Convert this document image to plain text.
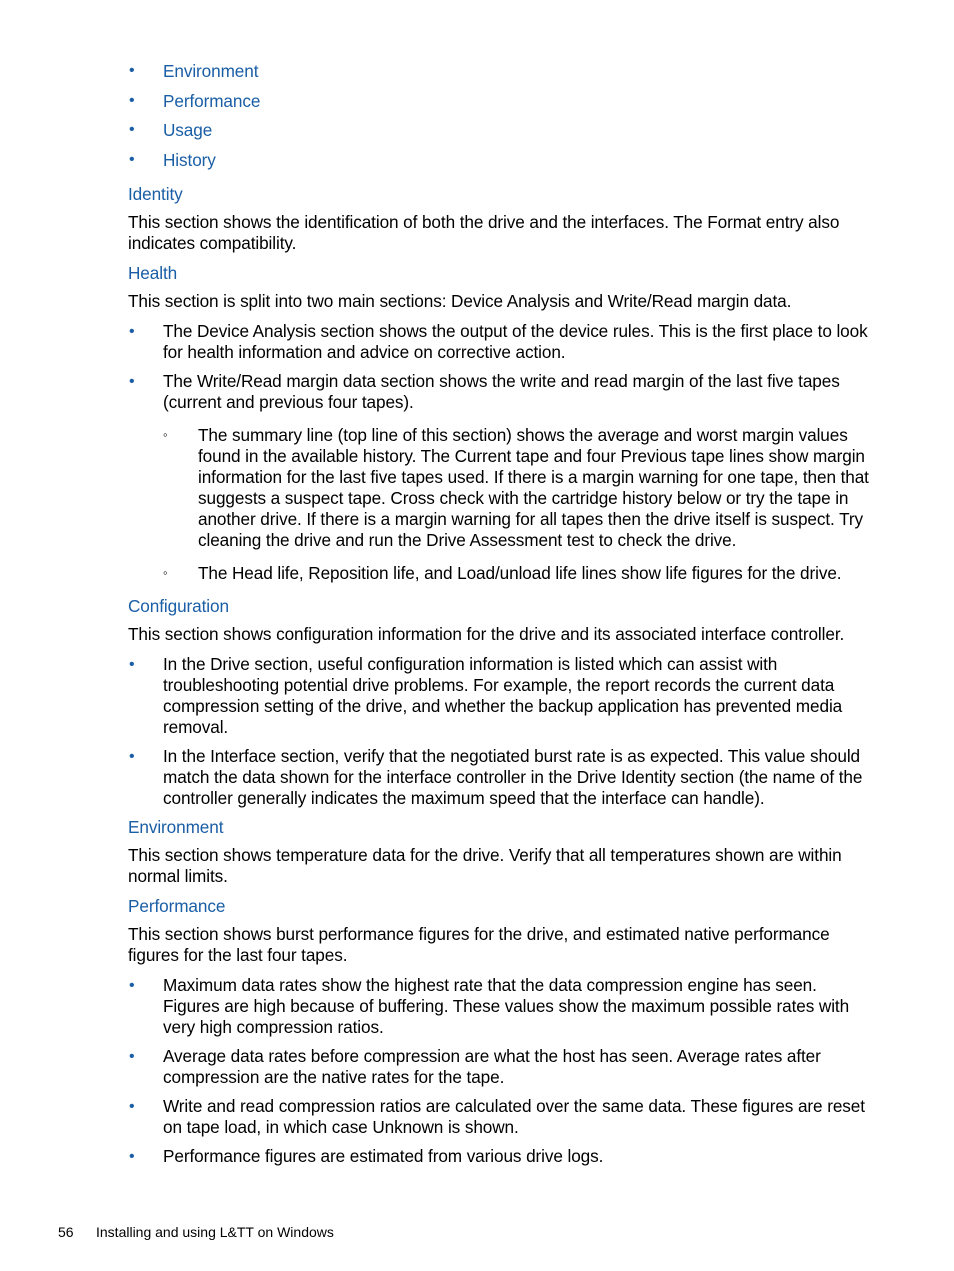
• Environment
• Performance
• Usage
• History
Identity

This section shows the identification of both the drive and the interfaces. The Format entry also indicates compatibility.

Health

This section is split into two main sections: Device Analysis and Write/Read margin data.

• The Device Analysis section shows the output of the device rules. This is the first place to look for health information and advice on corrective action.
• The Write/Read margin data section shows the write and read margin of the last five tapes (current and previous four tapes).
◦ The summary line (top line of this section) shows the average and worst margin values found in the available history. The Current tape and four Previous tape lines show margin information for the last five tapes used. If there is a margin warning for one tape, then that suggests a suspect tape. Cross check with the cartridge history below or try the tape in another drive. If there is a margin warning for all tapes then the drive itself is suspect. Try cleaning the drive and run the Drive Assessment test to check the drive.
◦ The Head life, Reposition life, and Load/unload life lines show life figures for the drive.
Configuration

This section shows configuration information for the drive and its associated interface controller.

• In the Drive section, useful configuration information is listed which can assist with troubleshooting potential drive problems. For example, the report records the current data compression setting of the drive, and whether the backup application has prevented media removal.
• In the Interface section, verify that the negotiated burst rate is as expected. This value should match the data shown for the interface controller in the Drive Identity section (the name of the controller generally indicates the maximum speed that the interface can handle).
Environment

This section shows temperature data for the drive. Verify that all temperatures shown are within normal limits.

Performance

This section shows burst performance figures for the drive, and estimated native performance figures for the last four tapes.

• Maximum data rates show the highest rate that the data compression engine has seen. Figures are high because of buffering. These values show the maximum possible rates with very high compression ratios.
• Average data rates before compression are what the host has seen. Average rates after compression are the native rates for the tape.
• Write and read compression ratios are calculated over the same data. These figures are reset on tape load, in which case Unknown is shown.
• Performance figures are estimated from various drive logs.
56 Installing and using L&TT on Windows
